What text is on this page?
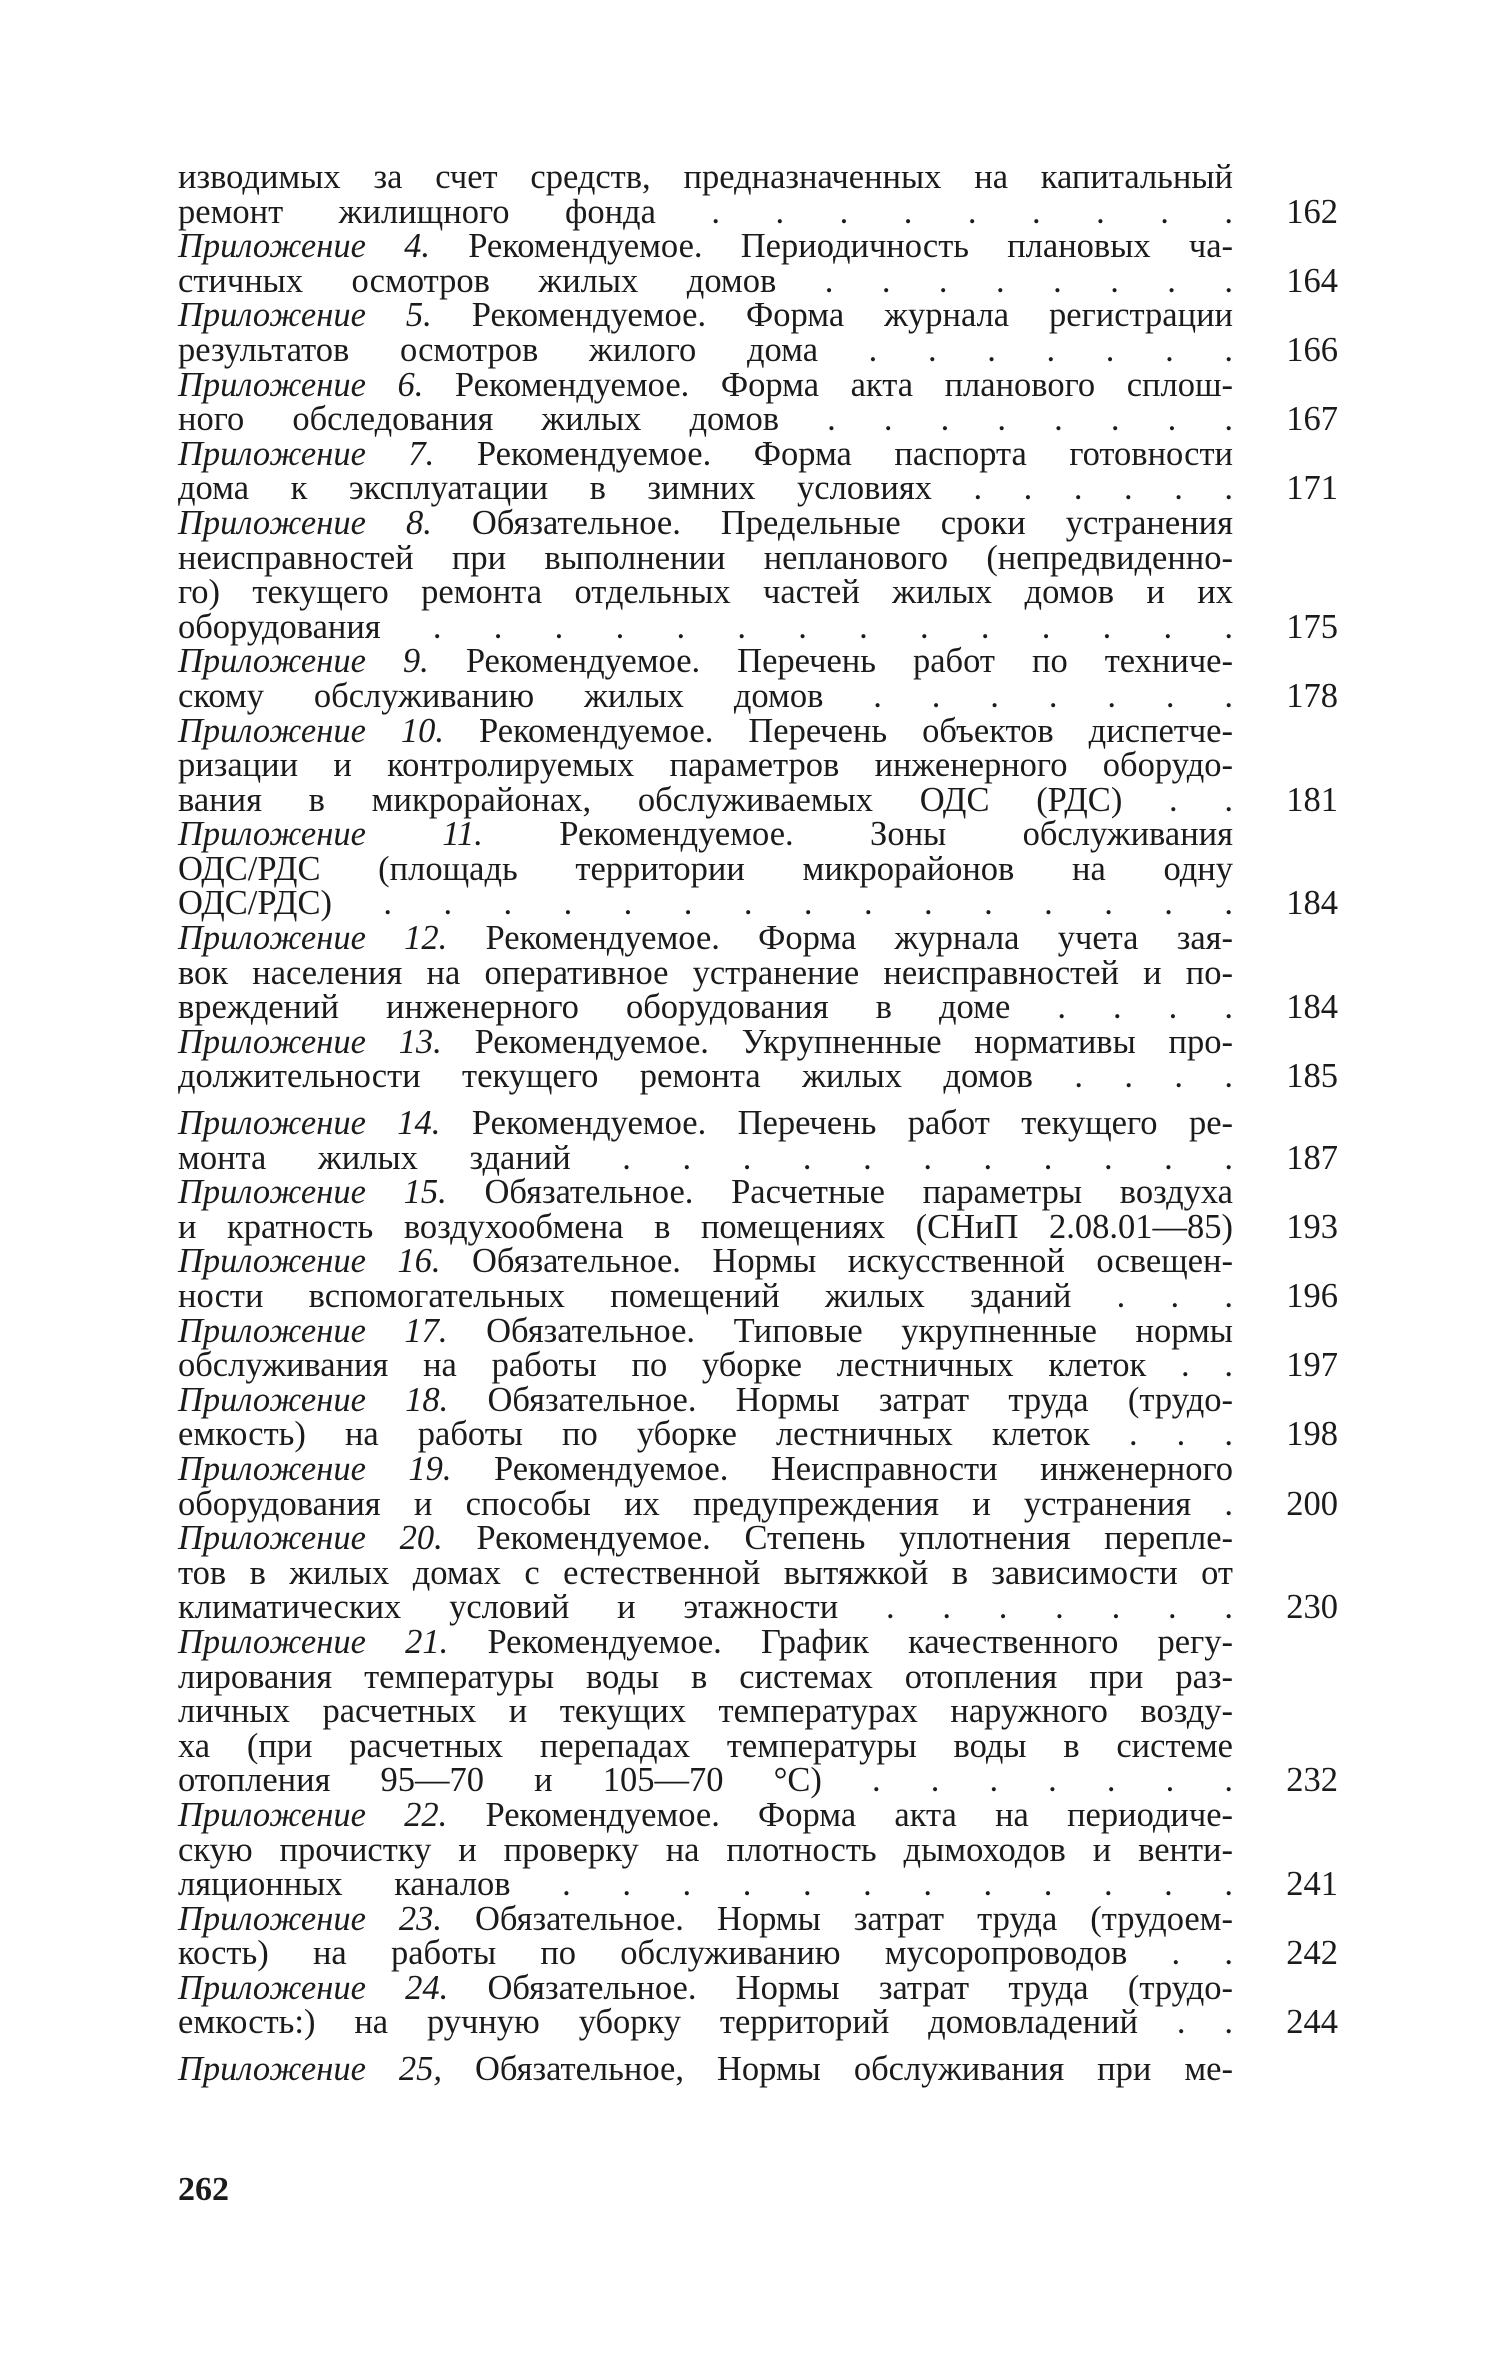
изводимых за счет средств, предназначенных на капитальный
ремонт жилищного фонда . . . . . . . . .	162
Приложение 4. Рекомендуемое. Периодичность плановых ча-
стичных осмотров жилых домов . . . . . . . .	164
Приложение 5. Рекомендуемое. Форма журнала регистрации
результатов осмотров жилого дома . . . . . . .	166
Приложение 6. Рекомендуемое. Форма акта планового сплош-
ного обследования жилых домов . . . . . . . .	167
Приложение 7. Рекомендуемое. Форма паспорта готовности
дома к эксплуатации в зимних условиях . . . . . .	171
Приложение 8. Обязательное. Предельные сроки устранения
неисправностей при выполнении непланового (непредвиденно-
го) текущего ремонта отдельных частей жилых домов и их
оборудования . . . . . . . . . . . . . .	175
Приложение 9. Рекомендуемое. Перечень работ по техниче-
скому обслуживанию жилых домов . . . . . . .	178
Приложение 10. Рекомендуемое. Перечень объектов диспетче-
ризации и контролируемых параметров инженерного оборудо-
вания в микрорайонах, обслуживаемых ОДС (РДС) . .	181
Приложение 11. Рекомендуемое. Зоны обслуживания
ОДС/РДС (площадь территории микрорайонов на одну
ОДС/РДС) . . . . . . . . . . . . . . .	184
Приложение 12. Рекомендуемое. Форма журнала учета зая-
вок населения на оперативное устранение неисправностей и по-
вреждений инженерного оборудования в доме . . . .	184
Приложение 13. Рекомендуемое. Укрупненные нормативы про-
должительности текущего ремонта жилых домов . . . .	185
Приложение 14. Рекомендуемое. Перечень работ текущего ре-
монта жилых зданий . . . . . . . . . . .	187
Приложение 15. Обязательное. Расчетные параметры воздуха
и кратность воздухообмена в помещениях (СНиП 2.08.01—85)	193
Приложение 16. Обязательное. Нормы искусственной освещен-
ности вспомогательных помещений жилых зданий . . .	196
Приложение 17. Обязательное. Типовые укрупненные нормы
обслуживания на работы по уборке лестничных клеток . .	197
Приложение 18. Обязательное. Нормы затрат труда (трудо-
емкость) на работы по уборке лестничных клеток . . .	198
Приложение 19. Рекомендуемое. Неисправности инженерного
оборудования и способы их предупреждения и устранения .	200
Приложение 20. Рекомендуемое. Степень уплотнения перепле-
тов в жилых домах с естественной вытяжкой в зависимости от
климатических условий и этажности . . . . . . .	230
Приложение 21. Рекомендуемое. График качественного регу-
лирования температуры воды в системах отопления при раз-
личных расчетных и текущих температурах наружного возду-
ха (при расчетных перепадах температуры воды в системе
отопления 95—70 и 105—70 °С) . . . . . . .	232
Приложение 22. Рекомендуемое. Форма акта на периодиче-
скую прочистку и проверку на плотность дымоходов и венти-
ляционных каналов . . . . . . . . . . . .	241
Приложение 23. Обязательное. Нормы затрат труда (трудоем-
кость) на работы по обслуживанию мусоропроводов . .	242
Приложение 24. Обязательное. Нормы затрат труда (трудо-
емкость:) на ручную уборку территорий домовладений . .	244
Приложение 25, Обязательное, Нормы обслуживания при ме-
262
